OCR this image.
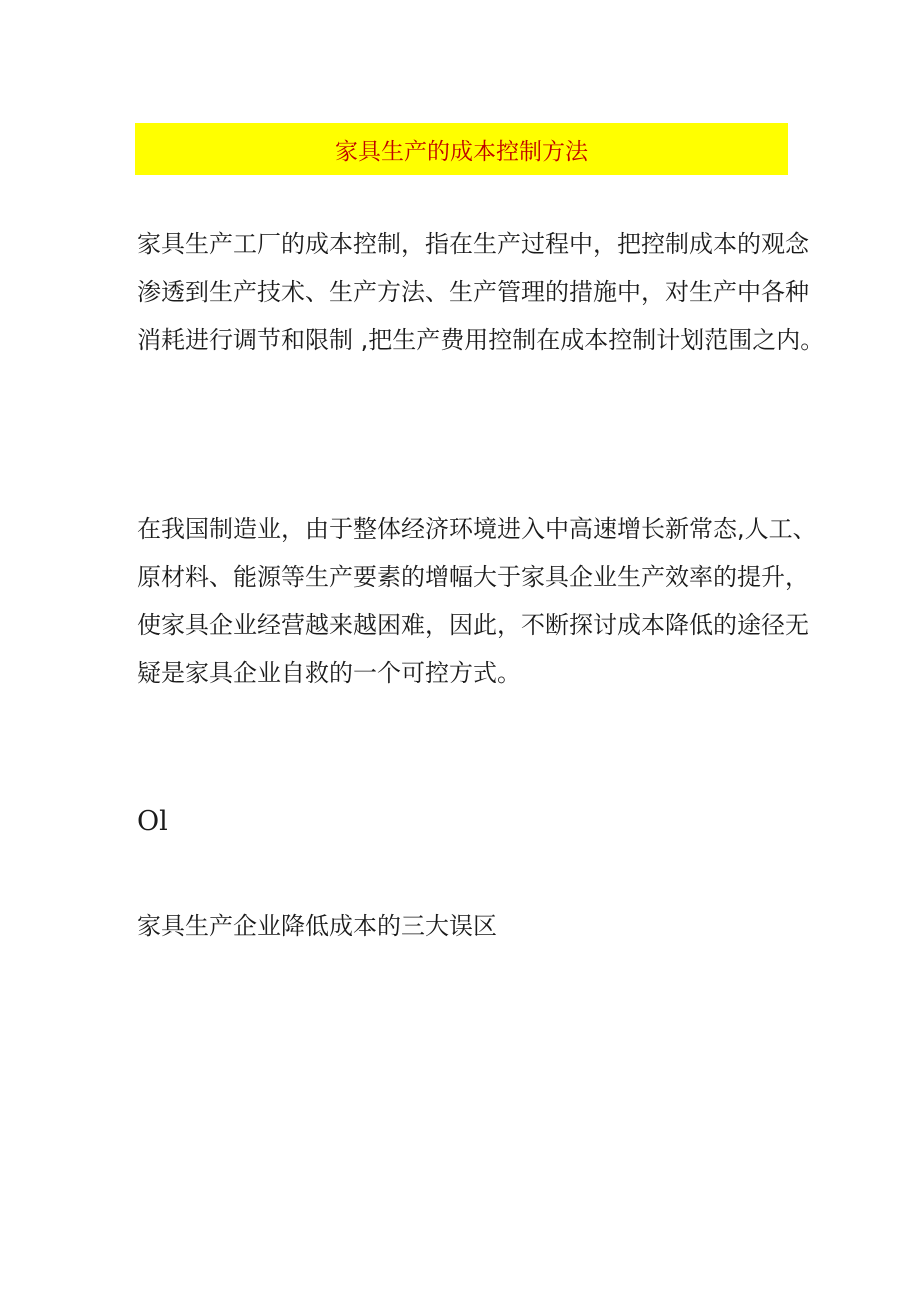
家具生产的成本控制方法

家具生产工厂的成本控制，指在生产过程中，把控制成本的观念
渗透到生产技术、生产方法、生产管理的措施中，对生产中各种
消耗进行调节和限制 ,把生产费用控制在成本控制计划范围之内。

在我国制造业，由于整体经济环境进入中高速增长新常态,人工、
原材料、能源等生产要素的增幅大于家具企业生产效率的提升，
使家具企业经营越来越困难，因此，不断探讨成本降低的途径无
疑是家具企业自救的一个可控方式。

Ol
家具生产企业降低成本的三大误区
